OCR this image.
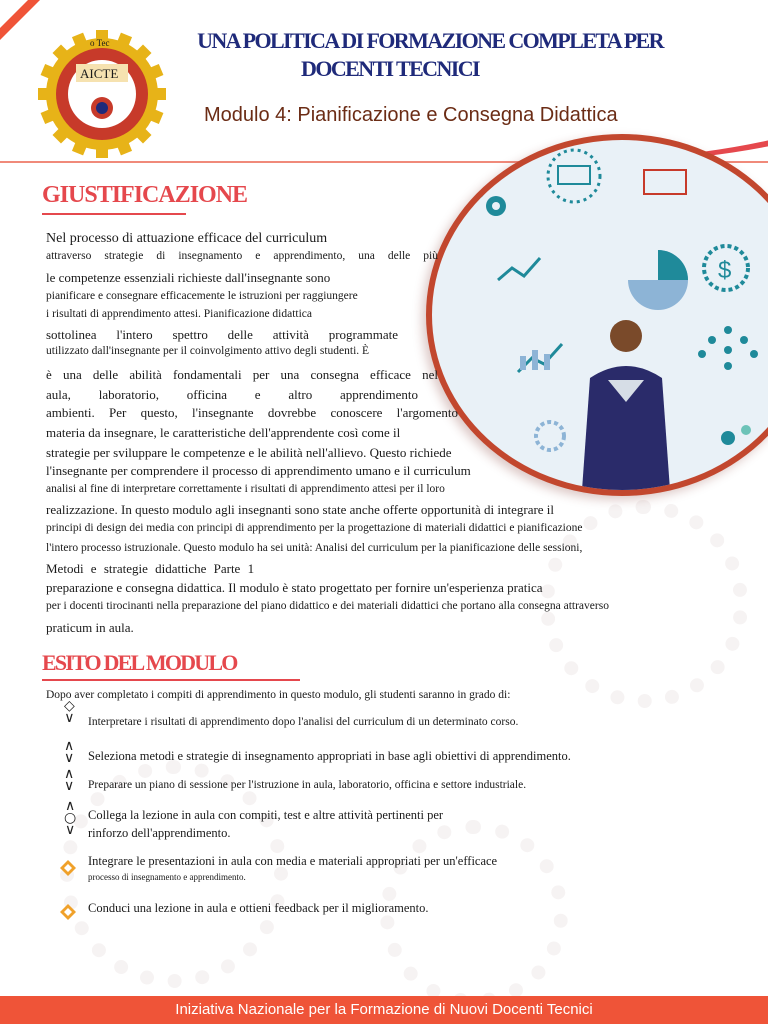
AICTE
o Tec	UNA POLITICA DI FORMAZIONE COMPLETA PER
DOCENTI TECNICI
Modulo 4: Pianificazione e Consegna Didattica
$
GIUSTIFICAZIONE
Nel processo di attuazione efficace del curriculum
attraverso strategie di insegnamento e apprendimento, una delle più
le competenze essenziali richieste dall'insegnante sono
pianificare e consegnare efficacemente le istruzioni per raggiungere
i risultati di apprendimento attesi. Pianificazione didattica
sottolinea l'intero spettro delle attività programmate
utilizzato dall'insegnante per il coinvolgimento attivo degli studenti. È
è una delle abilità fondamentali per una consegna efficace nel
aula, laboratorio, officina e altro apprendimento
ambienti. Per questo, l'insegnante dovrebbe conoscere l'argomento
materia da insegnare, le caratteristiche dell'apprendente così come il
strategie per sviluppare le competenze e le abilità nell'allievo. Questo richiede
l'insegnante per comprendere il processo di apprendimento umano e il curriculum
analisi al fine di interpretare correttamente i risultati di apprendimento attesi per il loro
realizzazione. In questo modulo agli insegnanti sono state anche offerte opportunità di integrare il
principi di design dei media con principi di apprendimento per la progettazione di materiali didattici e pianificazione
l'intero processo istruzionale. Questo modulo ha sei unità: Analisi del curriculum per la pianificazione delle sessioni,
Metodi e strategie didattiche Parte 1
preparazione e consegna didattica. Il modulo è stato progettato per fornire un'esperienza pratica
per i docenti tirocinanti nella preparazione del piano didattico e dei materiali didattici che portano alla consegna attraverso
praticum in aula.
ESITO DEL MODULO
Dopo aver completato i compiti di apprendimento in questo modulo, gli studenti saranno in grado di:
◇
∨ Interpretare i risultati di apprendimento dopo l'analisi del curriculum di un determinato corso.
∧
∨ Seleziona metodi e strategie di insegnamento appropriati in base agli obiettivi di apprendimento.
∧
∨ Preparare un piano di sessione per l'istruzione in aula, laboratorio, officina e settore industriale.
∧
○
∨
Collega la lezione in aula con compiti, test e altre attività pertinenti per
rinforzo dell'apprendimento.
Integrare le presentazioni in aula con media e materiali appropriati per un'efficace
processo di insegnamento e apprendimento.
Conduci una lezione in aula e ottieni feedback per il miglioramento.
Iniziativa Nazionale per la Formazione di Nuovi Docenti Tecnici
